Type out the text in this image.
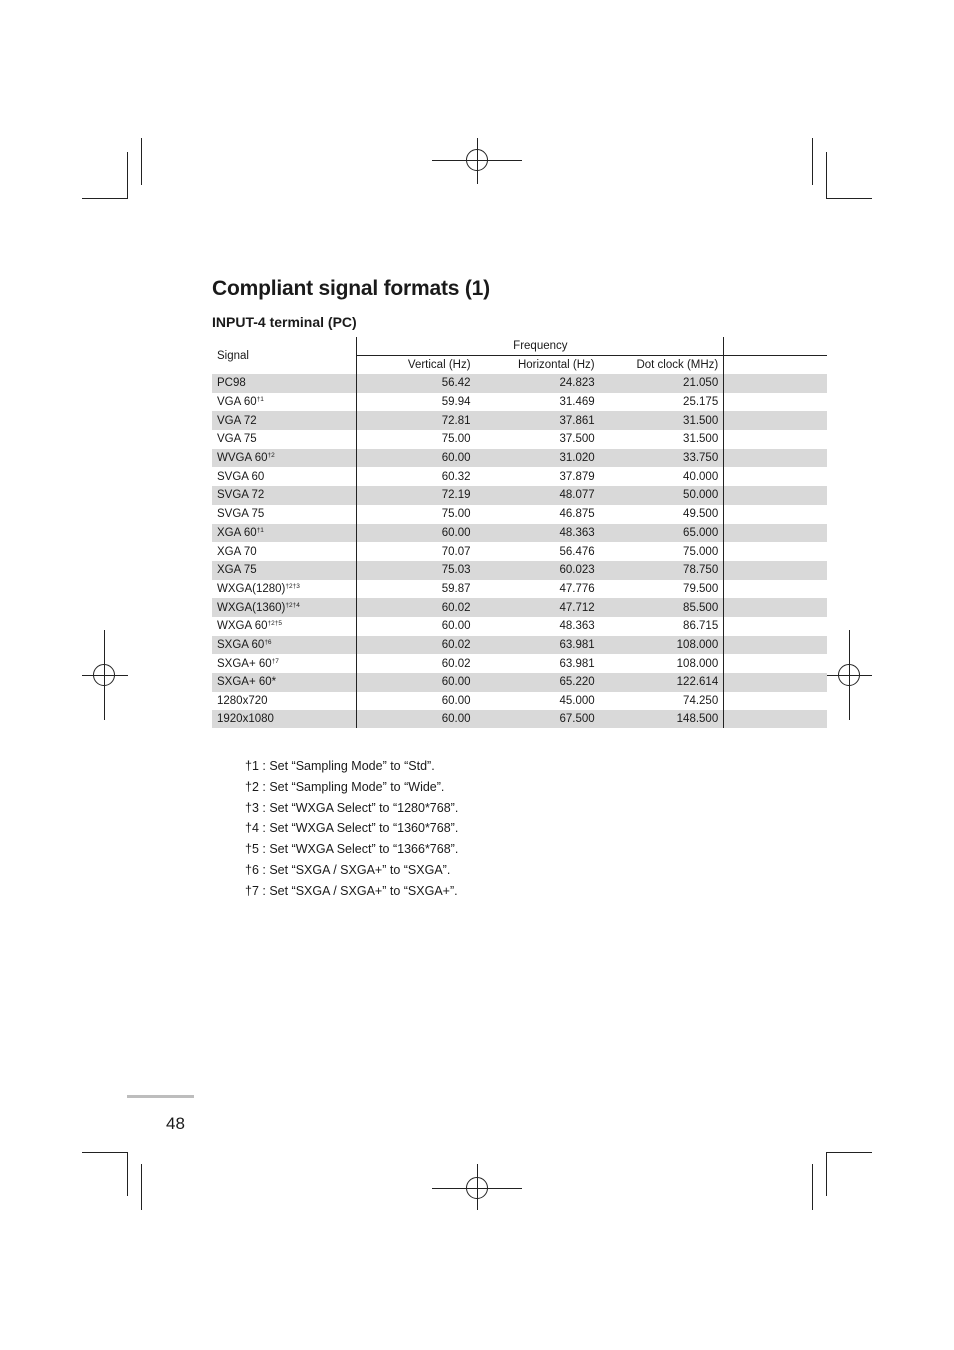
Compliant signal formats (1)
INPUT-4 terminal (PC)
Signal	Frequency			
	Vertical (Hz)	Horizontal (Hz)	Dot clock (MHz)	
PC98	56.42	24.823	21.050	
VGA 60$^{\dagger 1}$	59.94	31.469	25.175	
VGA 72	72.81	37.861	31.500	
VGA 75	75.00	37.500	31.500	
WVGA 60$^{\dagger 2}$	60.00	31.020	33.750	
SVGA 60	60.32	37.879	40.000	
SVGA 72	72.19	48.077	50.000	
SVGA 75	75.00	46.875	49.500	
XGA 60$^{\dagger 1}$	60.00	48.363	65.000	
XGA 70	70.07	56.476	75.000	
XGA 75	75.03	60.023	78.750	
$WXGA(1280)^{\dagger 2\dagger 3}$	59.87	47.776	79.500	
$WXGA(1360)^{\dagger 2\dagger 4}$	60.02	47.712	85.500	
WXGA $60^{\dagger 2\dagger 5}$	60.00	48.363	86.715	
SXGA 60$^{\dagger 6}$	60.02	63.981	108.000	
SXGA+ $60^{\dagger 7}$	60.02	63.981	108.000	
SXGA+ 60*	60.00	65.220	122.614	
1280x720	60.00	45.000	74.250	
1920x1080	60.00	67.500	148.500	
†1 : Set “Sampling Mode” to “Std”.
†2 : Set “Sampling Mode” to “Wide”.
†3 : Set “WXGA Select” to “1280*768”.
†4 : Set “WXGA Select” to “1360*768”.
†5 : Set “WXGA Select” to “1366*768”.
†6 : Set “SXGA / SXGA+” to “SXGA”.
†7 : Set “SXGA / SXGA+” to “SXGA+”.
48
